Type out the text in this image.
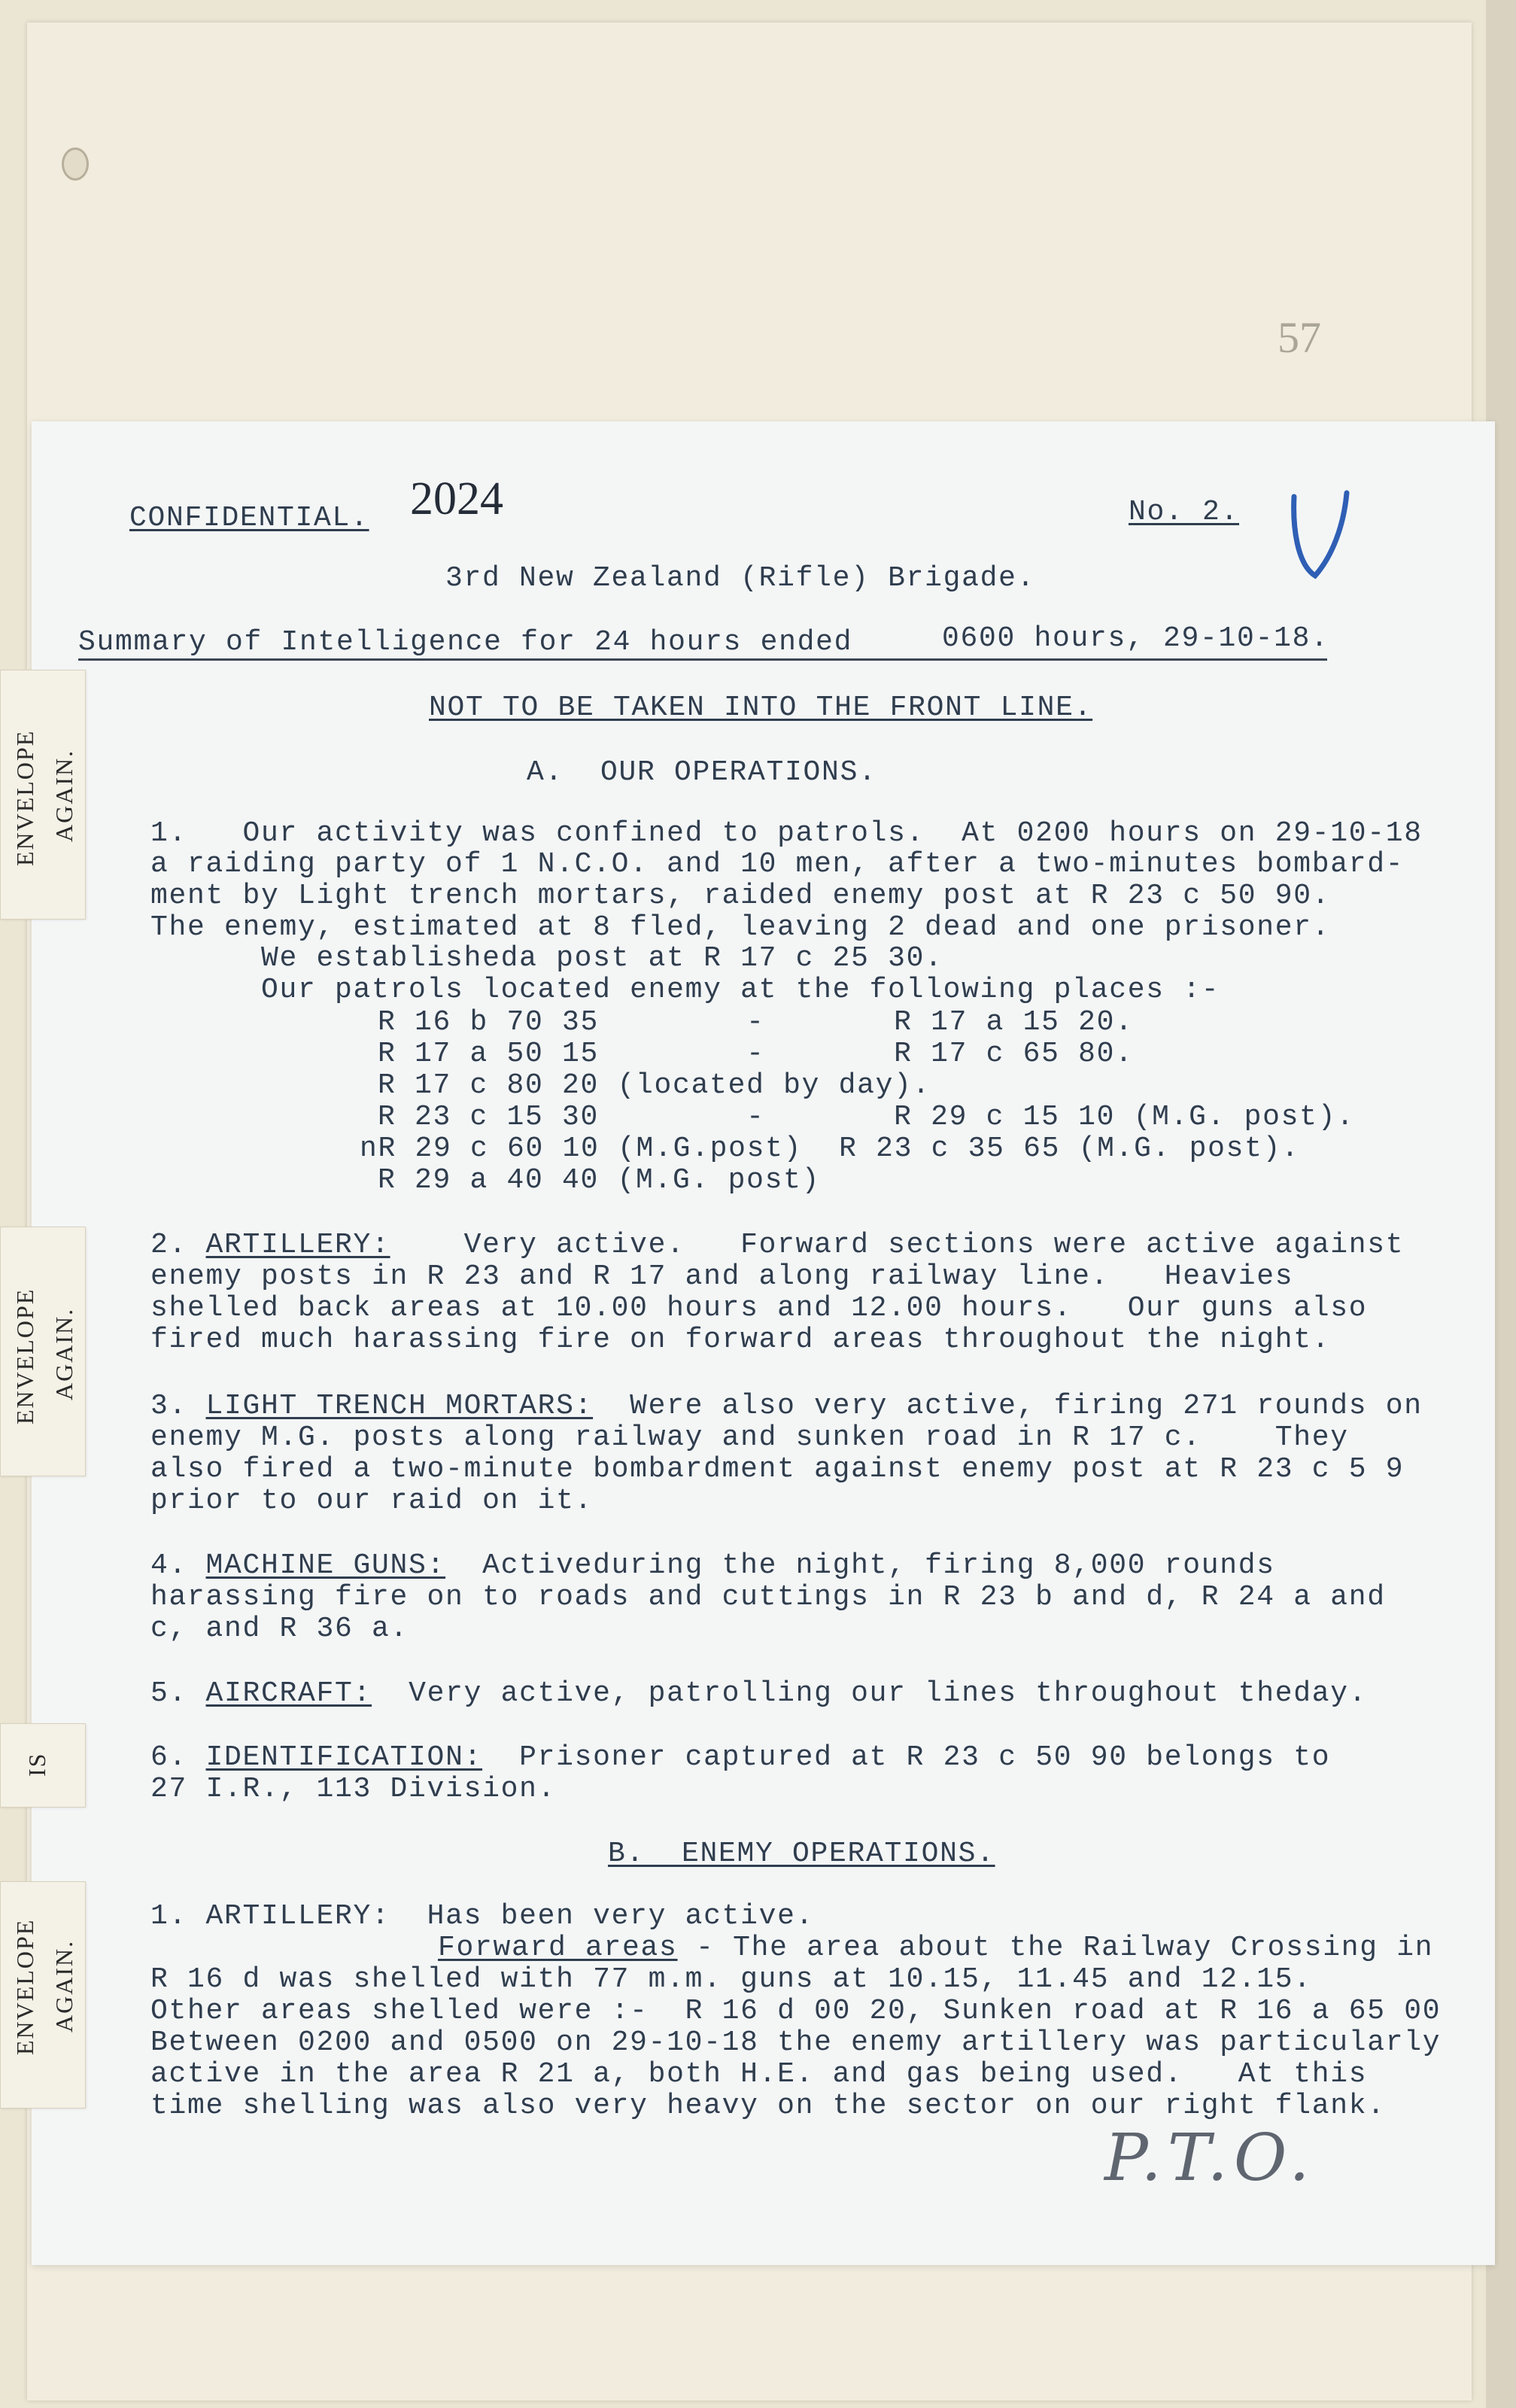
57
CONFIDENTIAL. 2024	No. 2.
3rd New Zealand (Rifle) Brigade.
Summary of Intelligence for 24 hours ended	0600 hours, 29-10-18.
NOT TO BE TAKEN INTO THE FRONT LINE.
A.  OUR OPERATIONS.
1.   Our activity was confined to patrols.  At 0200 hours on 29-10-18
a raiding party of 1 N.C.O. and 10 men, after a two-minutes bombard-
ment by Light trench mortars, raided enemy post at R 23 c 50 90.
The enemy, estimated at 8 fled, leaving 2 dead and one prisoner.
We establisheda post at R 17 c 25 30.
Our patrols located enemy at the following places :-
R 16 b 70 35        -       R 17 a 15 20.
R 17 a 50 15        -       R 17 c 65 80.
R 17 c 80 20 (located by day).
R 23 c 15 30        -       R 29 c 15 10 (M.G. post).
nR 29 c 60 10 (M.G.post)  R 23 c 35 65 (M.G. post).
R 29 a 40 40 (M.G. post)
2. ARTILLERY:	Very active.   Forward sections were active against
enemy posts in R 23 and R 17 and along railway line.   Heavies
shelled back areas at 10.00 hours and 12.00 hours.   Our guns also
fired much harassing fire on forward areas throughout the night.
3. LIGHT TRENCH MORTARS: Were also very active, firing 271 rounds on
enemy M.G. posts along railway and sunken road in R 17 c.    They
also fired a two-minute bombardment against enemy post at R 23 c 5 9
prior to our raid on it.
4. MACHINE GUNS: Activeduring the night, firing 8,000 rounds
harassing fire on to roads and cuttings in R 23 b and d, R 24 a and
c, and R 36 a.
5. AIRCRAFT: Very active, patrolling our lines throughout theday.
6. IDENTIFICATION: Prisoner captured at R 23 c 50 90 belongs to
27 I.R., 113 Division.
B.  ENEMY OPERATIONS.
1. ARTILLERY: Has been very active.
Forward areas - The area about the Railway Crossing in
R 16 d was shelled with 77 m.m. guns at 10.15, 11.45 and 12.15.
Other areas shelled were :-  R 16 d 00 20, Sunken road at R 16 a 65 00
Between 0200 and 0500 on 29-10-18 the enemy artillery was particularly
active in the area R 21 a, both H.E. and gas being used.   At this
time shelling was also very heavy on the sector on our right flank.
P.T.O.
ENVELOPE AGAIN.
ENVELOPE AGAIN.
IS
ENVELOPE AGAIN.
